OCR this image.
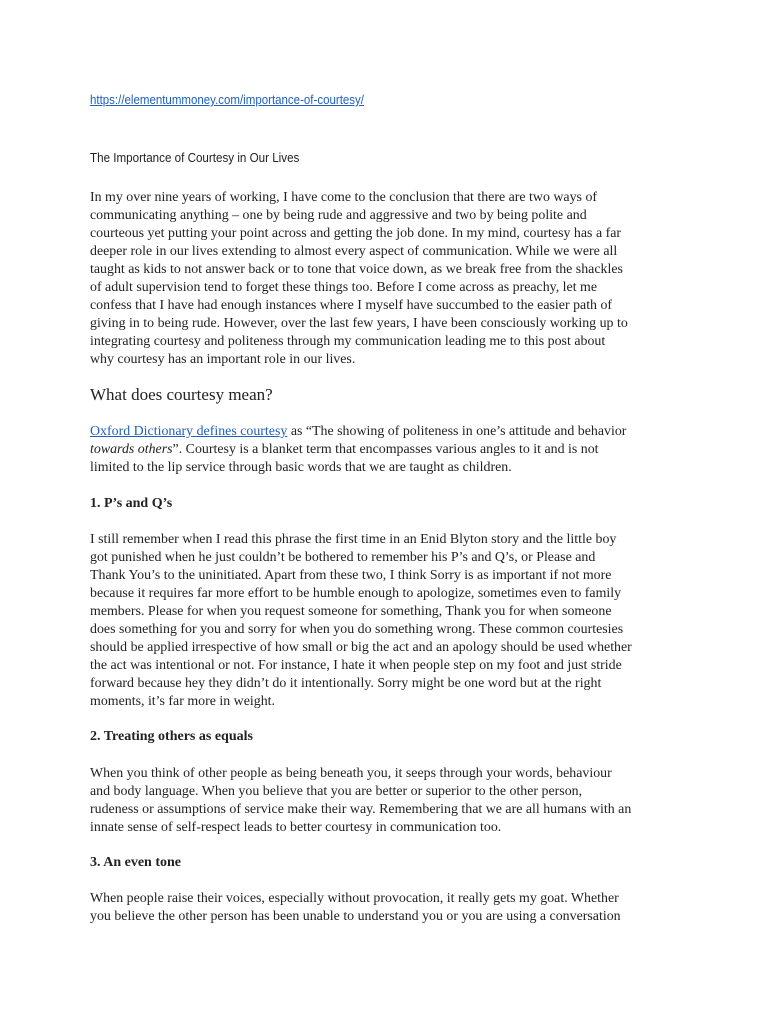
https://elementummoney.com/importance-of-courtesy/
The Importance of Courtesy in Our Lives

In my over nine years of working, I have come to the conclusion that there are two ways of
communicating anything – one by being rude and aggressive and two by being polite and
courteous yet putting your point across and getting the job done. In my mind, courtesy has a far
deeper role in our lives extending to almost every aspect of communication. While we were all
taught as kids to not answer back or to tone that voice down, as we break free from the shackles
of adult supervision tend to forget these things too. Before I come across as preachy, let me
confess that I have had enough instances where I myself have succumbed to the easier path of
giving in to being rude. However, over the last few years, I have been consciously working up to
integrating courtesy and politeness through my communication leading me to this post about
why courtesy has an important role in our lives.

What does courtesy mean?

Oxford Dictionary defines courtesy as “The showing of politeness in one’s attitude and behavior
towards others”. Courtesy is a blanket term that encompasses various angles to it and is not
limited to the lip service through basic words that we are taught as children.

1. P’s and Q’s

I still remember when I read this phrase the first time in an Enid Blyton story and the little boy
got punished when he just couldn’t be bothered to remember his P’s and Q’s, or Please and
Thank You’s to the uninitiated. Apart from these two, I think Sorry is as important if not more
because it requires far more effort to be humble enough to apologize, sometimes even to family
members. Please for when you request someone for something, Thank you for when someone
does something for you and sorry for when you do something wrong. These common courtesies
should be applied irrespective of how small or big the act and an apology should be used whether
the act was intentional or not. For instance, I hate it when people step on my foot and just stride
forward because hey they didn’t do it intentionally. Sorry might be one word but at the right
moments, it’s far more in weight.

2. Treating others as equals

When you think of other people as being beneath you, it seeps through your words, behaviour
and body language. When you believe that you are better or superior to the other person,
rudeness or assumptions of service make their way. Remembering that we are all humans with an
innate sense of self-respect leads to better courtesy in communication too.

3. An even tone

When people raise their voices, especially without provocation, it really gets my goat. Whether
you believe the other person has been unable to understand you or you are using a conversation
